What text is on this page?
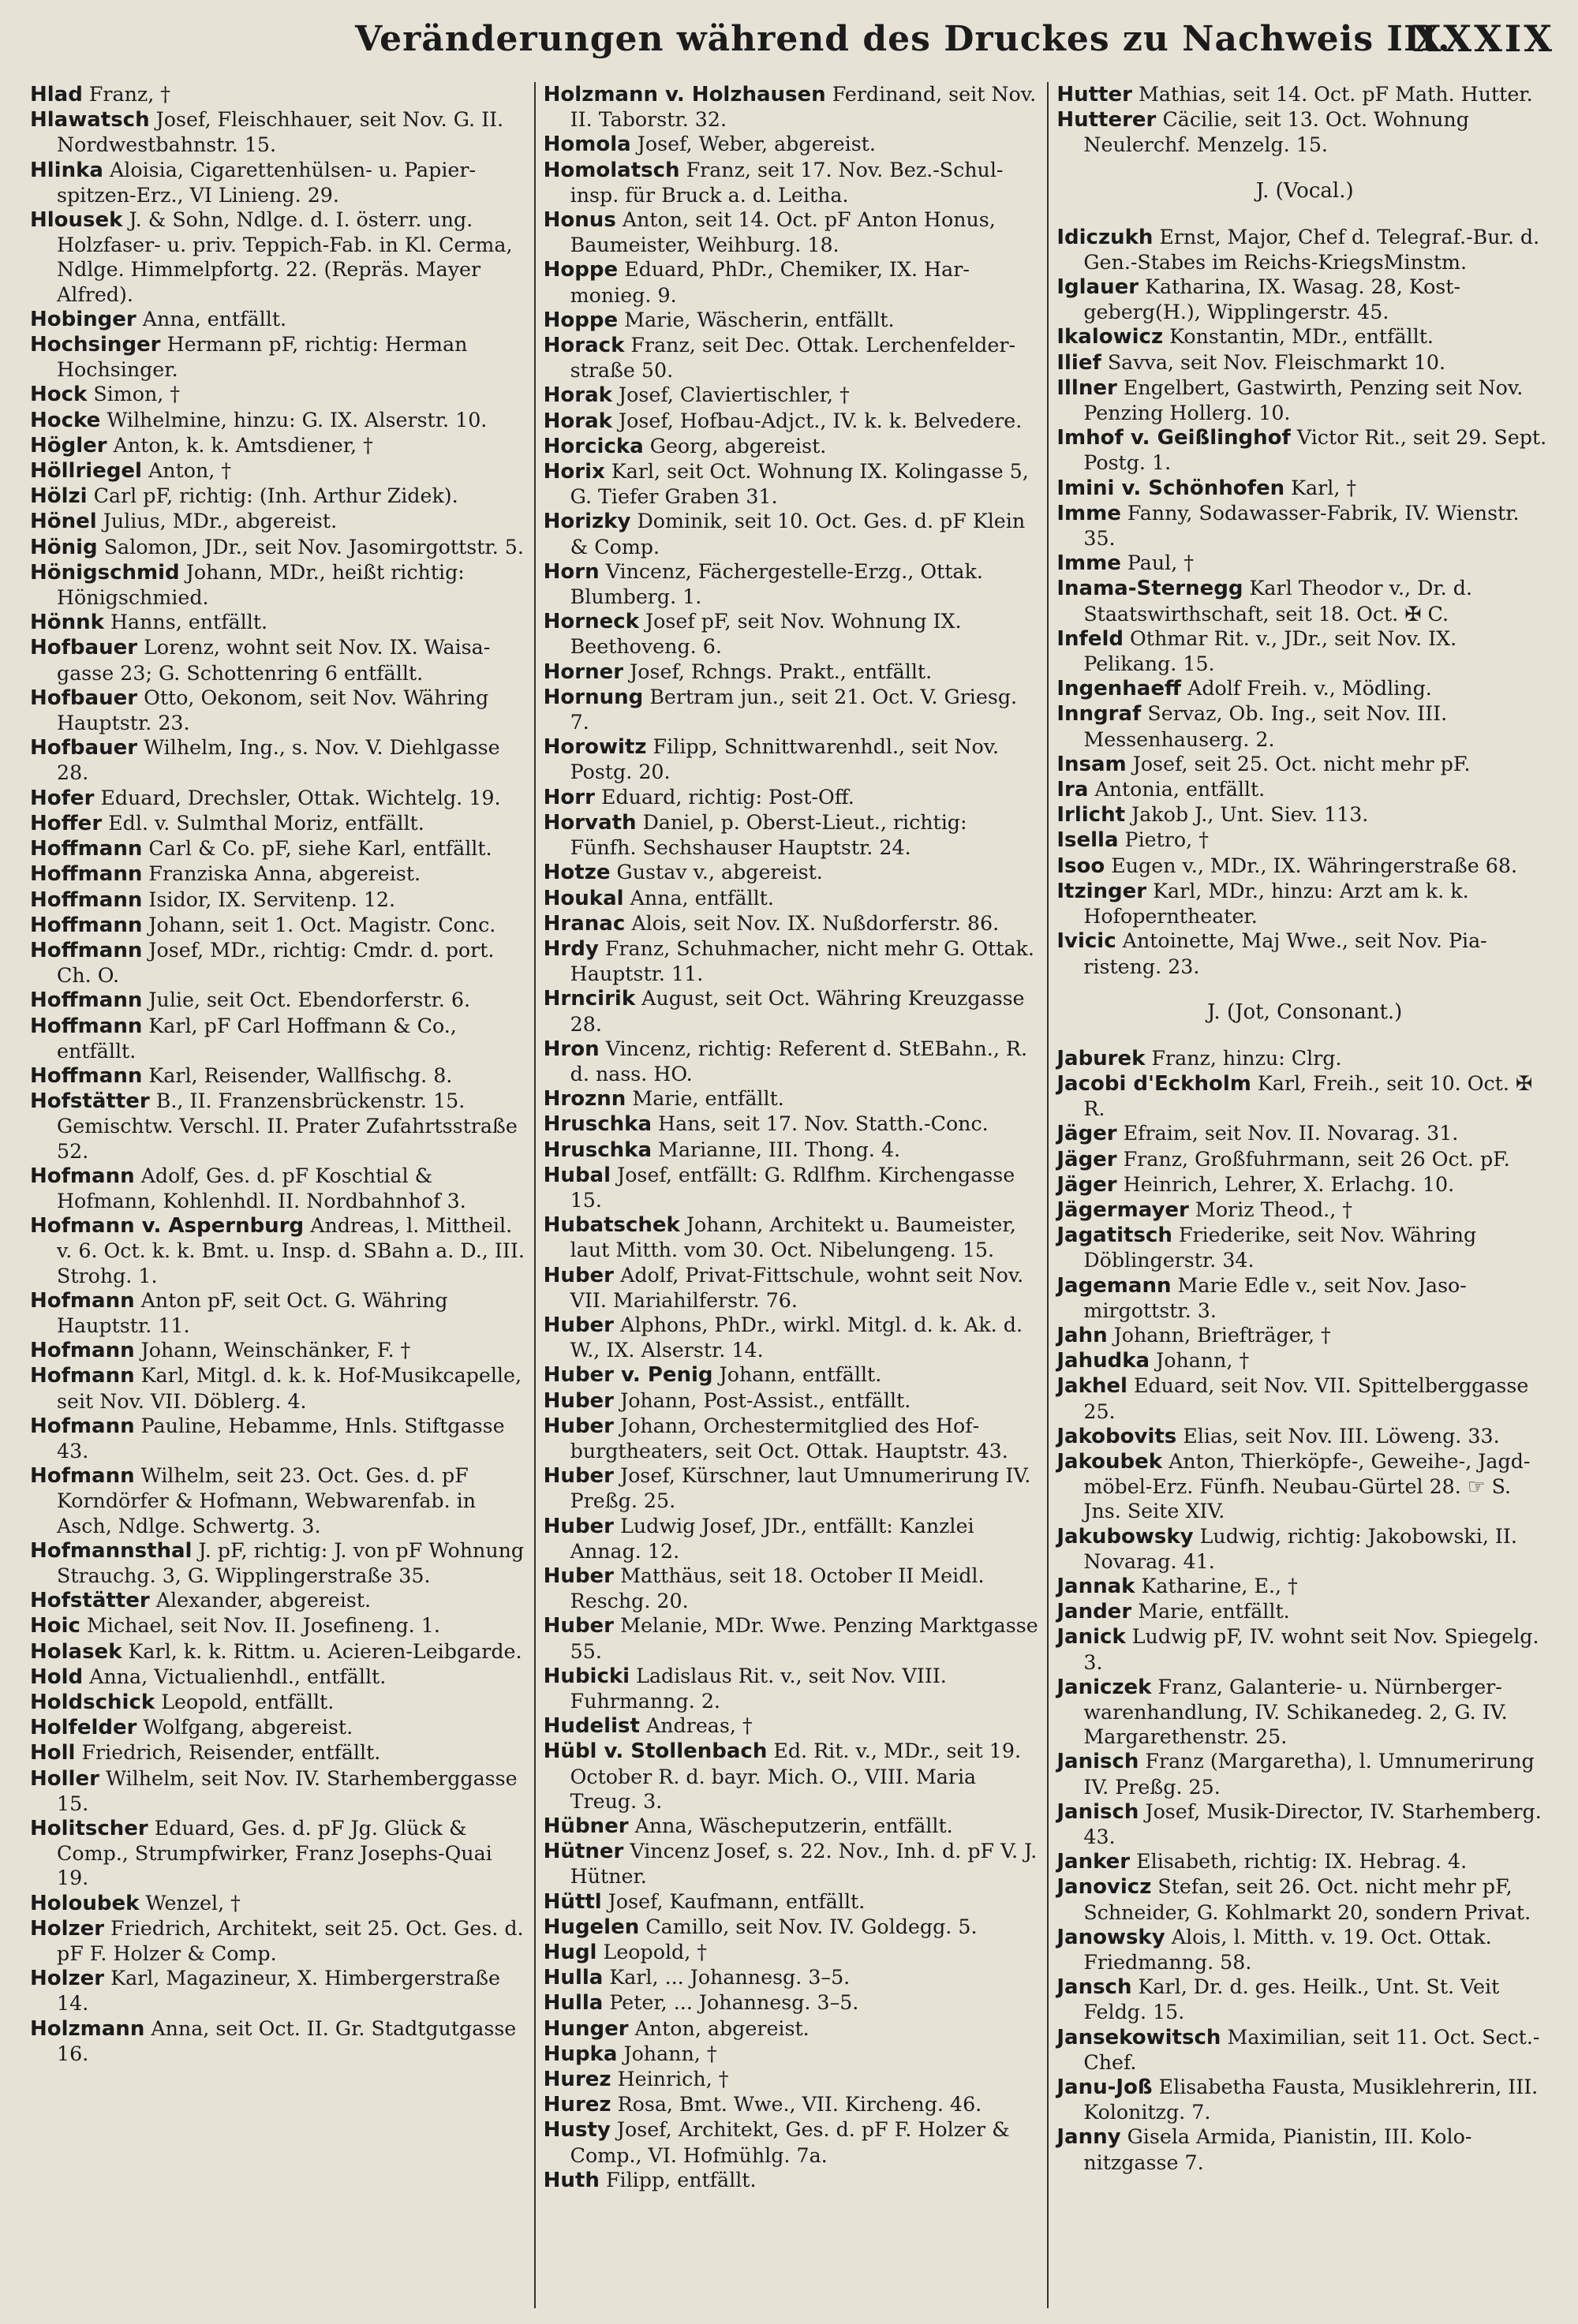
Veränderungen während des Druckes zu Nachweis III.
XXXIX

Hlad Franz, †

Hlawatsch Josef, Fleischhauer, seit Nov. G. II. Nordwestbahnstr. 15.

Hlinka Aloisia, Cigarettenhülsen- u. Papierspitzen-Erz., VI Linieng. 29.

Hlousek J. & Sohn, Ndlge. d. I. österr. ung. Holzfaser- u. priv. Teppich-Fab. in Kl. Cerma, Ndlge. Himmelpfortg. 22. (Repräs. Mayer Alfred).

Hobinger Anna, entfällt.

Hochsinger Hermann pF, richtig: Herman Hochsinger.

Hock Simon, †

Hocke Wilhelmine, hinzu: G. IX. Alserstr. 10.

Högler Anton, k. k. Amtsdiener, †

Höllriegel Anton, †

Hölzi Carl pF, richtig: (Inh. Arthur Zidek).

Hönel Julius, MDr., abgereist.

Hönig Salomon, JDr., seit Nov. Jasomirgottstr. 5.

Hönigschmid Johann, MDr., heißt richtig: Hönigschmied.

Hönnk Hanns, entfällt.

Hofbauer Lorenz, wohnt seit Nov. IX. Waisagasse 23; G. Schottenring 6 entfällt.

Hofbauer Otto, Oekonom, seit Nov. Währing Hauptstr. 23.

Hofbauer Wilhelm, Ing., s. Nov. V. Diehlgasse 28.

Hofer Eduard, Drechsler, Ottak. Wichtelg. 19.

Hoffer Edl. v. Sulmthal Moriz, entfällt.

Hoffmann Carl & Co. pF, siehe Karl, entfällt.

Hoffmann Franziska Anna, abgereist.

Hoffmann Isidor, IX. Servitenp. 12.

Hoffmann Johann, seit 1. Oct. Magistr. Conc.

Hoffmann Josef, MDr., richtig: Cmdr. d. port. Ch. O.

Hoffmann Julie, seit Oct. Ebendorferstr. 6.

Hoffmann Karl, pF Carl Hoffmann & Co., entfällt.

Hoffmann Karl, Reisender, Wallfischg. 8.

Hofstätter B., II. Franzensbrückenstr. 15. Gemischtw. Verschl. II. Prater Zufahrtsstraße 52.

Hofmann Adolf, Ges. d. pF Koschtial & Hofmann, Kohlenhdl. II. Nordbahnhof 3.

Hofmann v. Aspernburg Andreas, l. Mittheil. v. 6. Oct. k. k. Bmt. u. Insp. d. SBahn a. D., III. Strohg. 1.

Hofmann Anton pF, seit Oct. G. Währing Hauptstr. 11.

Hofmann Johann, Weinschänker, F. †

Hofmann Karl, Mitgl. d. k. k. Hof-Musikcapelle, seit Nov. VII. Döblerg. 4.

Hofmann Pauline, Hebamme, Hnls. Stiftgasse 43.

Hofmann Wilhelm, seit 23. Oct. Ges. d. pF Korndörfer & Hofmann, Webwarenfab. in Asch, Ndlge. Schwertg. 3.

Hofmannsthal J. pF, richtig: J. von pF Wohnung Strauchg. 3, G. Wipplingerstraße 35.

Hofstätter Alexander, abgereist.

Hoic Michael, seit Nov. II. Josefineng. 1.

Holasek Karl, k. k. Rittm. u. Acieren-Leibgarde.

Hold Anna, Victualienhdl., entfällt.

Holdschick Leopold, entfällt.

Holfelder Wolfgang, abgereist.

Holl Friedrich, Reisender, entfällt.

Holler Wilhelm, seit Nov. IV. Starhemberggasse 15.

Holitscher Eduard, Ges. d. pF Jg. Glück & Comp., Strumpfwirker, Franz Josephs-Quai 19.

Holoubek Wenzel, †

Holzer Friedrich, Architekt, seit 25. Oct. Ges. d. pF F. Holzer & Comp.

Holzer Karl, Magazineur, X. Himbergerstraße 14.

Holzmann Anna, seit Oct. II. Gr. Stadtgutgasse 16.

Holzmann v. Holzhausen Ferdinand, seit Nov. II. Taborstr. 32.

Homola Josef, Weber, abgereist.

Homolatsch Franz, seit 17. Nov. Bez.-Schulinsp. für Bruck a. d. Leitha.

Honus Anton, seit 14. Oct. pF Anton Honus, Baumeister, Weihburg. 18.

Hoppe Eduard, PhDr., Chemiker, IX. Harmonieg. 9.

Hoppe Marie, Wäscherin, entfällt.

Horack Franz, seit Dec. Ottak. Lerchenfelderstraße 50.

Horak Josef, Claviertischler, †

Horak Josef, Hofbau-Adjct., IV. k. k. Belvedere.

Horcicka Georg, abgereist.

Horix Karl, seit Oct. Wohnung IX. Kolingasse 5, G. Tiefer Graben 31.

Horizky Dominik, seit 10. Oct. Ges. d. pF Klein & Comp.

Horn Vincenz, Fächergestelle-Erzg., Ottak. Blumberg. 1.

Horneck Josef pF, seit Nov. Wohnung IX. Beethoveng. 6.

Horner Josef, Rchngs. Prakt., entfällt.

Hornung Bertram jun., seit 21. Oct. V. Griesg. 7.

Horowitz Filipp, Schnittwarenhdl., seit Nov. Postg. 20.

Horr Eduard, richtig: Post-Off.

Horvath Daniel, p. Oberst-Lieut., richtig: Fünfh. Sechshauser Hauptstr. 24.

Hotze Gustav v., abgereist.

Houkal Anna, entfällt.

Hranac Alois, seit Nov. IX. Nußdorferstr. 86.

Hrdy Franz, Schuhmacher, nicht mehr G. Ottak. Hauptstr. 11.

Hrncirik August, seit Oct. Währing Kreuzgasse 28.

Hron Vincenz, richtig: Referent d. StEBahn., R. d. nass. HO.

Hroznn Marie, entfällt.

Hruschka Hans, seit 17. Nov. Statth.-Conc.

Hruschka Marianne, III. Thong. 4.

Hubal Josef, entfällt: G. Rdlfhm. Kirchengasse 15.

Hubatschek Johann, Architekt u. Baumeister, laut Mitth. vom 30. Oct. Nibelungeng. 15.

Huber Adolf, Privat-Fittschule, wohnt seit Nov. VII. Mariahilferstr. 76.

Huber Alphons, PhDr., wirkl. Mitgl. d. k. Ak. d. W., IX. Alserstr. 14.

Huber v. Penig Johann, entfällt.

Huber Johann, Post-Assist., entfällt.

Huber Johann, Orchestermitglied des Hofburgtheaters, seit Oct. Ottak. Hauptstr. 43.

Huber Josef, Kürschner, laut Umnumerirung IV. Preßg. 25.

Huber Ludwig Josef, JDr., entfällt: Kanzlei Annag. 12.

Huber Matthäus, seit 18. October II Meidl. Reschg. 20.

Huber Melanie, MDr. Wwe. Penzing Marktgasse 55.

Hubicki Ladislaus Rit. v., seit Nov. VIII. Fuhrmanng. 2.

Hudelist Andreas, †

Hübl v. Stollenbach Ed. Rit. v., MDr., seit 19. October R. d. bayr. Mich. O., VIII. Maria Treug. 3.

Hübner Anna, Wäscheputzerin, entfällt.

Hütner Vincenz Josef, s. 22. Nov., Inh. d. pF V. J. Hütner.

Hüttl Josef, Kaufmann, entfällt.

Hugelen Camillo, seit Nov. IV. Goldegg. 5.

Hugl Leopold, †

Hulla Karl, ... Johannesg. 3–5.

Hulla Peter, ... Johannesg. 3–5.

Hunger Anton, abgereist.

Hupka Johann, †

Hurez Heinrich, †

Hurez Rosa, Bmt. Wwe., VII. Kircheng. 46.

Husty Josef, Architekt, Ges. d. pF F. Holzer & Comp., VI. Hofmühlg. 7a.

Huth Filipp, entfällt.

Hutter Mathias, seit 14. Oct. pF Math. Hutter.

Hutterer Cäcilie, seit 13. Oct. Wohnung Neulerchf. Menzelg. 15.

J. (Vocal.)

Idiczukh Ernst, Major, Chef d. Telegraf.-Bur. d. Gen.-Stabes im Reichs-KriegsMinstm.

Iglauer Katharina, IX. Wasag. 28, Kostgeberg(H.), Wipplingerstr. 45.

Ikalowicz Konstantin, MDr., entfällt.

Ilief Savva, seit Nov. Fleischmarkt 10.

Illner Engelbert, Gastwirth, Penzing seit Nov. Penzing Hollerg. 10.

Imhof v. Geißlinghof Victor Rit., seit 29. Sept. Postg. 1.

Imini v. Schönhofen Karl, †

Imme Fanny, Sodawasser-Fabrik, IV. Wienstr. 35.

Imme Paul, †

Inama-Sternegg Karl Theodor v., Dr. d. Staatswirthschaft, seit 18. Oct. ✠ C.

Infeld Othmar Rit. v., JDr., seit Nov. IX. Pelikang. 15.

Ingenhaeff Adolf Freih. v., Mödling.

Inngraf Servaz, Ob. Ing., seit Nov. III. Messenhauserg. 2.

Insam Josef, seit 25. Oct. nicht mehr pF.

Ira Antonia, entfällt.

Irlicht Jakob J., Unt. Siev. 113.

Isella Pietro, †

Isoo Eugen v., MDr., IX. Währingerstraße 68.

Itzinger Karl, MDr., hinzu: Arzt am k. k. Hofoperntheater.

Ivicic Antoinette, Maj Wwe., seit Nov. Piaristeng. 23.

J. (Jot, Consonant.)

Jaburek Franz, hinzu: Clrg.

Jacobi d'Eckholm Karl, Freih., seit 10. Oct. ✠ R.

Jäger Efraim, seit Nov. II. Novarag. 31.

Jäger Franz, Großfuhrmann, seit 26 Oct. pF.

Jäger Heinrich, Lehrer, X. Erlachg. 10.

Jägermayer Moriz Theod., †

Jagatitsch Friederike, seit Nov. Währing Döblingerstr. 34.

Jagemann Marie Edle v., seit Nov. Jasomirgottstr. 3.

Jahn Johann, Briefträger, †

Jahudka Johann, †

Jakhel Eduard, seit Nov. VII. Spittelberggasse 25.

Jakobovits Elias, seit Nov. III. Löweng. 33.

Jakoubek Anton, Thierköpfe-, Geweihe-, Jagdmöbel-Erz. Fünfh. Neubau-Gürtel 28. ☞ S. Jns. Seite XIV.

Jakubowsky Ludwig, richtig: Jakobowski, II. Novarag. 41.

Jannak Katharine, E., †

Jander Marie, entfällt.

Janick Ludwig pF, IV. wohnt seit Nov. Spiegelg. 3.

Janiczek Franz, Galanterie- u. Nürnbergerwarenhandlung, IV. Schikanedeg. 2, G. IV. Margarethenstr. 25.

Janisch Franz (Margaretha), l. Umnumerirung IV. Preßg. 25.

Janisch Josef, Musik-Director, IV. Starhemberg. 43.

Janker Elisabeth, richtig: IX. Hebrag. 4.

Janovicz Stefan, seit 26. Oct. nicht mehr pF, Schneider, G. Kohlmarkt 20, sondern Privat.

Janowsky Alois, l. Mitth. v. 19. Oct. Ottak. Friedmanng. 58.

Jansch Karl, Dr. d. ges. Heilk., Unt. St. Veit Feldg. 15.

Jansekowitsch Maximilian, seit 11. Oct. Sect.-Chef.

Janu-Joß Elisabetha Fausta, Musiklehrerin, III. Kolonitzg. 7.

Janny Gisela Armida, Pianistin, III. Kolonitzgasse 7.
